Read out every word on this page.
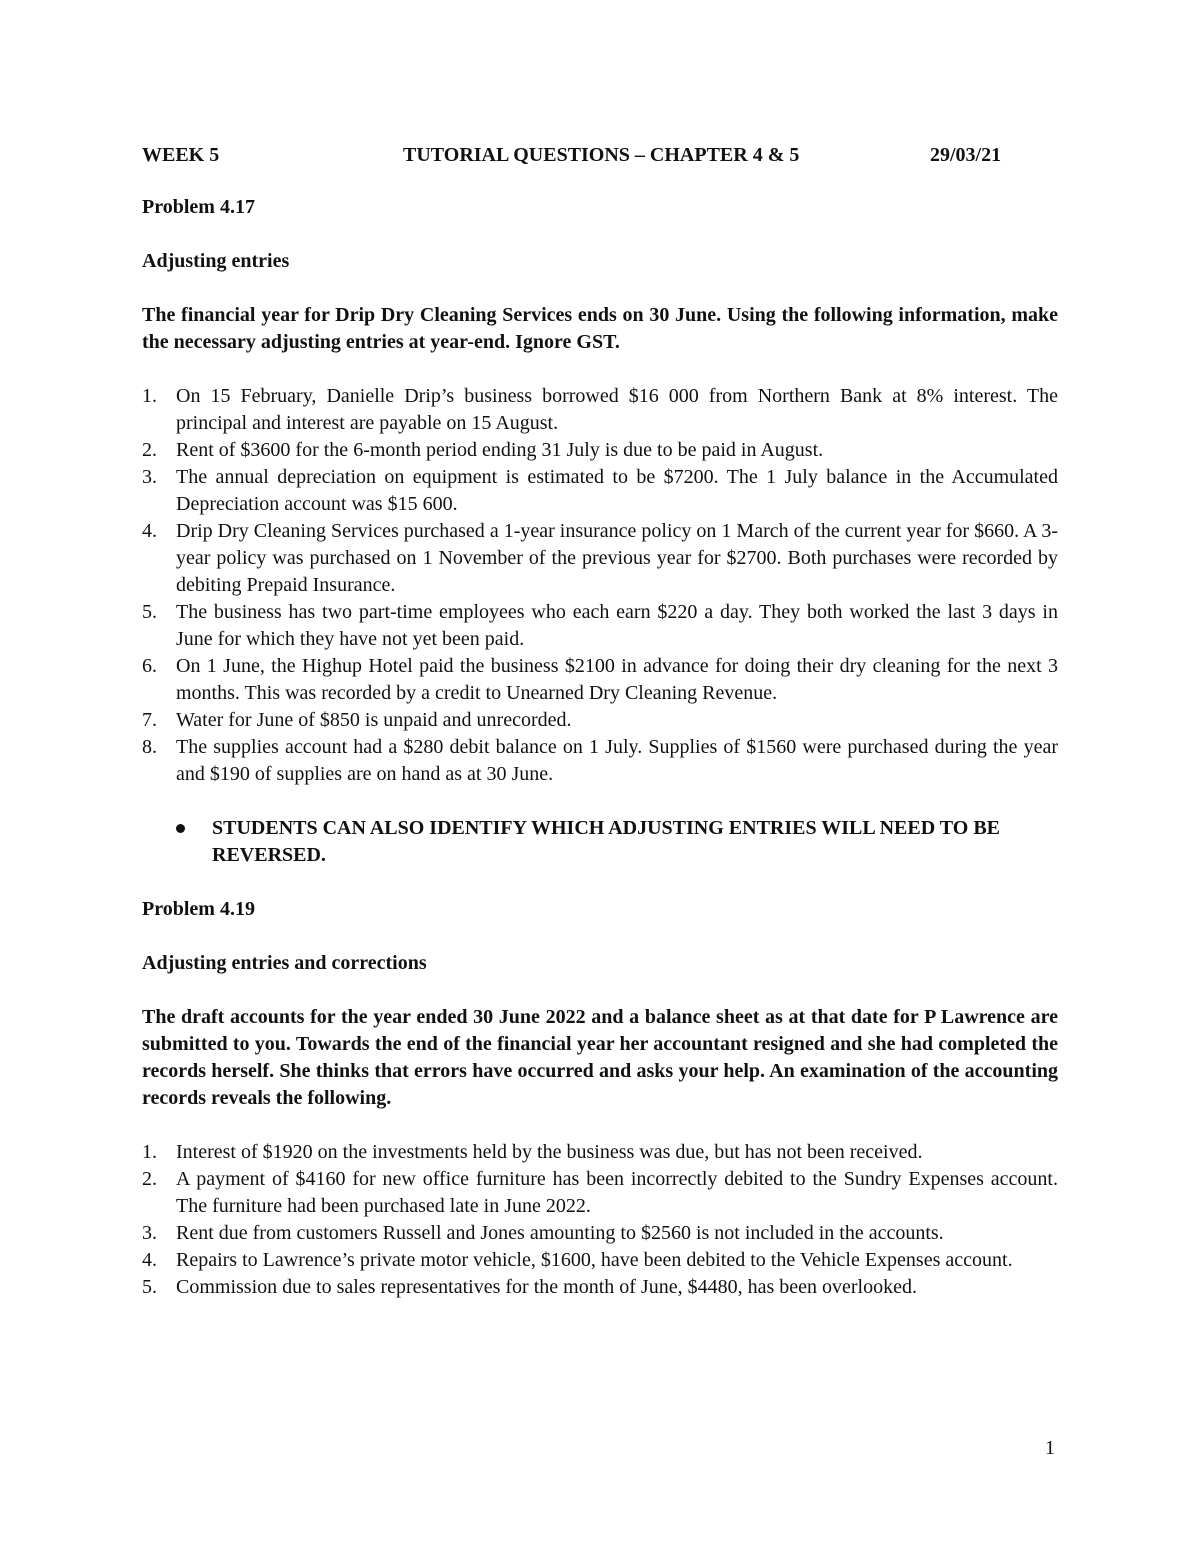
WEEK 5	TUTORIAL QUESTIONS – CHAPTER 4 & 5	29/03/21

Problem 4.17

Adjusting entries

The financial year for Drip Dry Cleaning Services ends on 30 June. Using the following information, make the necessary adjusting entries at year-end. Ignore GST.

1. On 15 February, Danielle Drip’s business borrowed $16 000 from Northern Bank at 8% interest. The principal and interest are payable on 15 August.
2. Rent of $3600 for the 6-month period ending 31 July is due to be paid in August.
3. The annual depreciation on equipment is estimated to be $7200. The 1 July balance in the Accumulated Depreciation account was $15 600.
4. Drip Dry Cleaning Services purchased a 1-year insurance policy on 1 March of the current year for $660. A 3-year policy was purchased on 1 November of the previous year for $2700. Both purchases were recorded by debiting Prepaid Insurance.
5. The business has two part-time employees who each earn $220 a day. They both worked the last 3 days in June for which they have not yet been paid.
6. On 1 June, the Highup Hotel paid the business $2100 in advance for doing their dry cleaning for the next 3 months. This was recorded by a credit to Unearned Dry Cleaning Revenue.
7. Water for June of $850 is unpaid and unrecorded.
8. The supplies account had a $280 debit balance on 1 July. Supplies of $1560 were purchased during the year and $190 of supplies are on hand as at 30 June.
STUDENTS CAN ALSO IDENTIFY WHICH ADJUSTING ENTRIES WILL NEED TO BE REVERSED.

Problem 4.19

Adjusting entries and corrections

The draft accounts for the year ended 30 June 2022 and a balance sheet as at that date for P Lawrence are submitted to you. Towards the end of the financial year her accountant resigned and she had completed the records herself. She thinks that errors have occurred and asks your help. An examination of the accounting records reveals the following.

1. Interest of $1920 on the investments held by the business was due, but has not been received.
2. A payment of $4160 for new office furniture has been incorrectly debited to the Sundry Expenses account. The furniture had been purchased late in June 2022.
3. Rent due from customers Russell and Jones amounting to $2560 is not included in the accounts.
4. Repairs to Lawrence’s private motor vehicle, $1600, have been debited to the Vehicle Expenses account.
5. Commission due to sales representatives for the month of June, $4480, has been overlooked.
1
